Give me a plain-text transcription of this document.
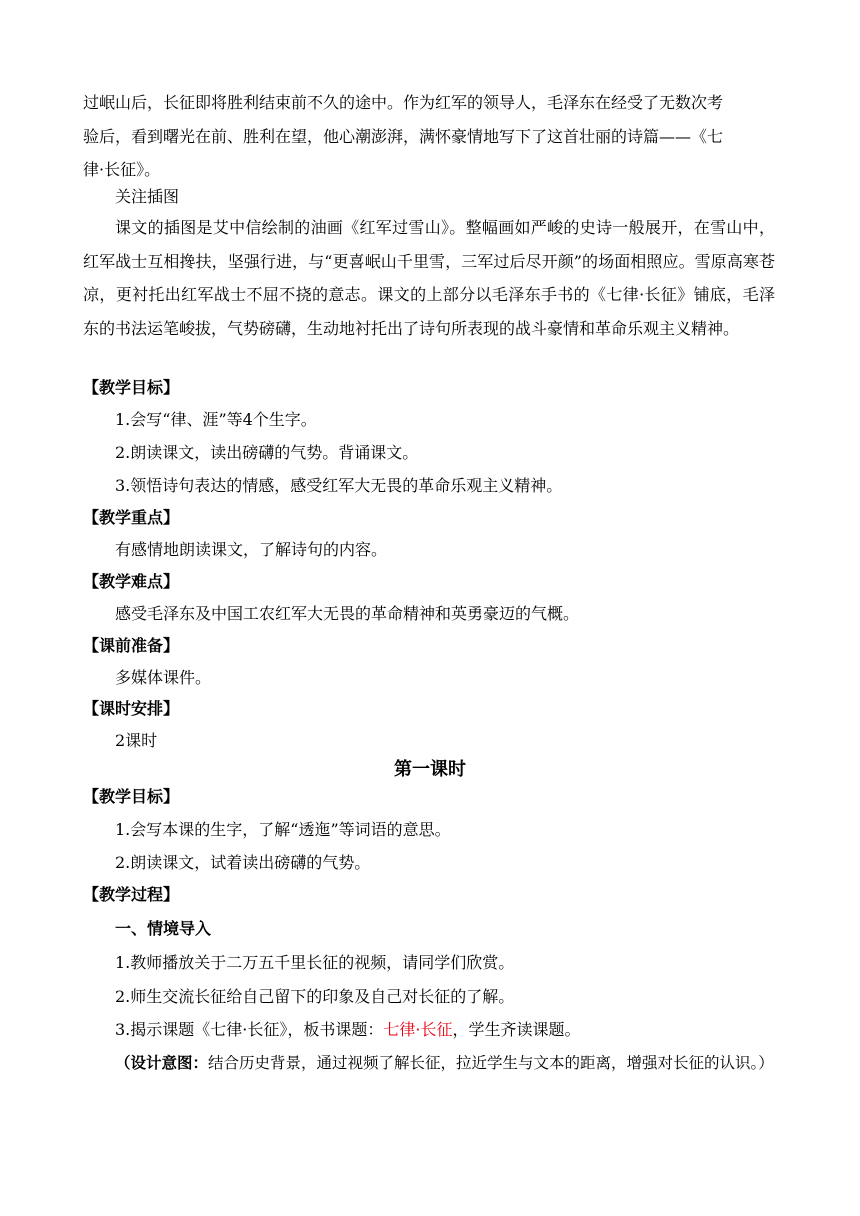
过岷山后，长征即将胜利结束前不久的途中。作为红军的领导人，毛泽东在经受了无数次考
验后，看到曙光在前、胜利在望，他心潮澎湃，满怀豪情地写下了这首壮丽的诗篇——《七
律·长征》。
关注插图
课文的插图是艾中信绘制的油画《红军过雪山》。整幅画如严峻的史诗一般展开，在雪山中，红军战士互相搀扶，坚强行进，与“更喜岷山千里雪，三军过后尽开颜”的场面相照应。雪原高寒苍凉，更衬托出红军战士不屈不挠的意志。课文的上部分以毛泽东手书的《七律·长征》铺底，毛泽东的书法运笔峻拔，气势磅礴，生动地衬托出了诗句所表现的战斗豪情和革命乐观主义精神。
【教学目标】
1.会写“律、涯”等4个生字。
2.朗读课文，读出磅礴的气势。背诵课文。
3.领悟诗句表达的情感，感受红军大无畏的革命乐观主义精神。
【教学重点】
有感情地朗读课文，了解诗句的内容。
【教学难点】
感受毛泽东及中国工农红军大无畏的革命精神和英勇豪迈的气概。
【课前准备】
多媒体课件。
【课时安排】
2课时
第一课时
【教学目标】
1.会写本课的生字，了解“透迤”等词语的意思。
2.朗读课文，试着读出磅礴的气势。
【教学过程】
一、情境导入
1.教师播放关于二万五千里长征的视频，请同学们欣赏。
2.师生交流长征给自己留下的印象及自己对长征的了解。
3.揭示课题《七律·长征》，板书课题：七律·长征，学生齐读课题。
（设计意图：结合历史背景，通过视频了解长征，拉近学生与文本的距离，增强对长征的认识。）
